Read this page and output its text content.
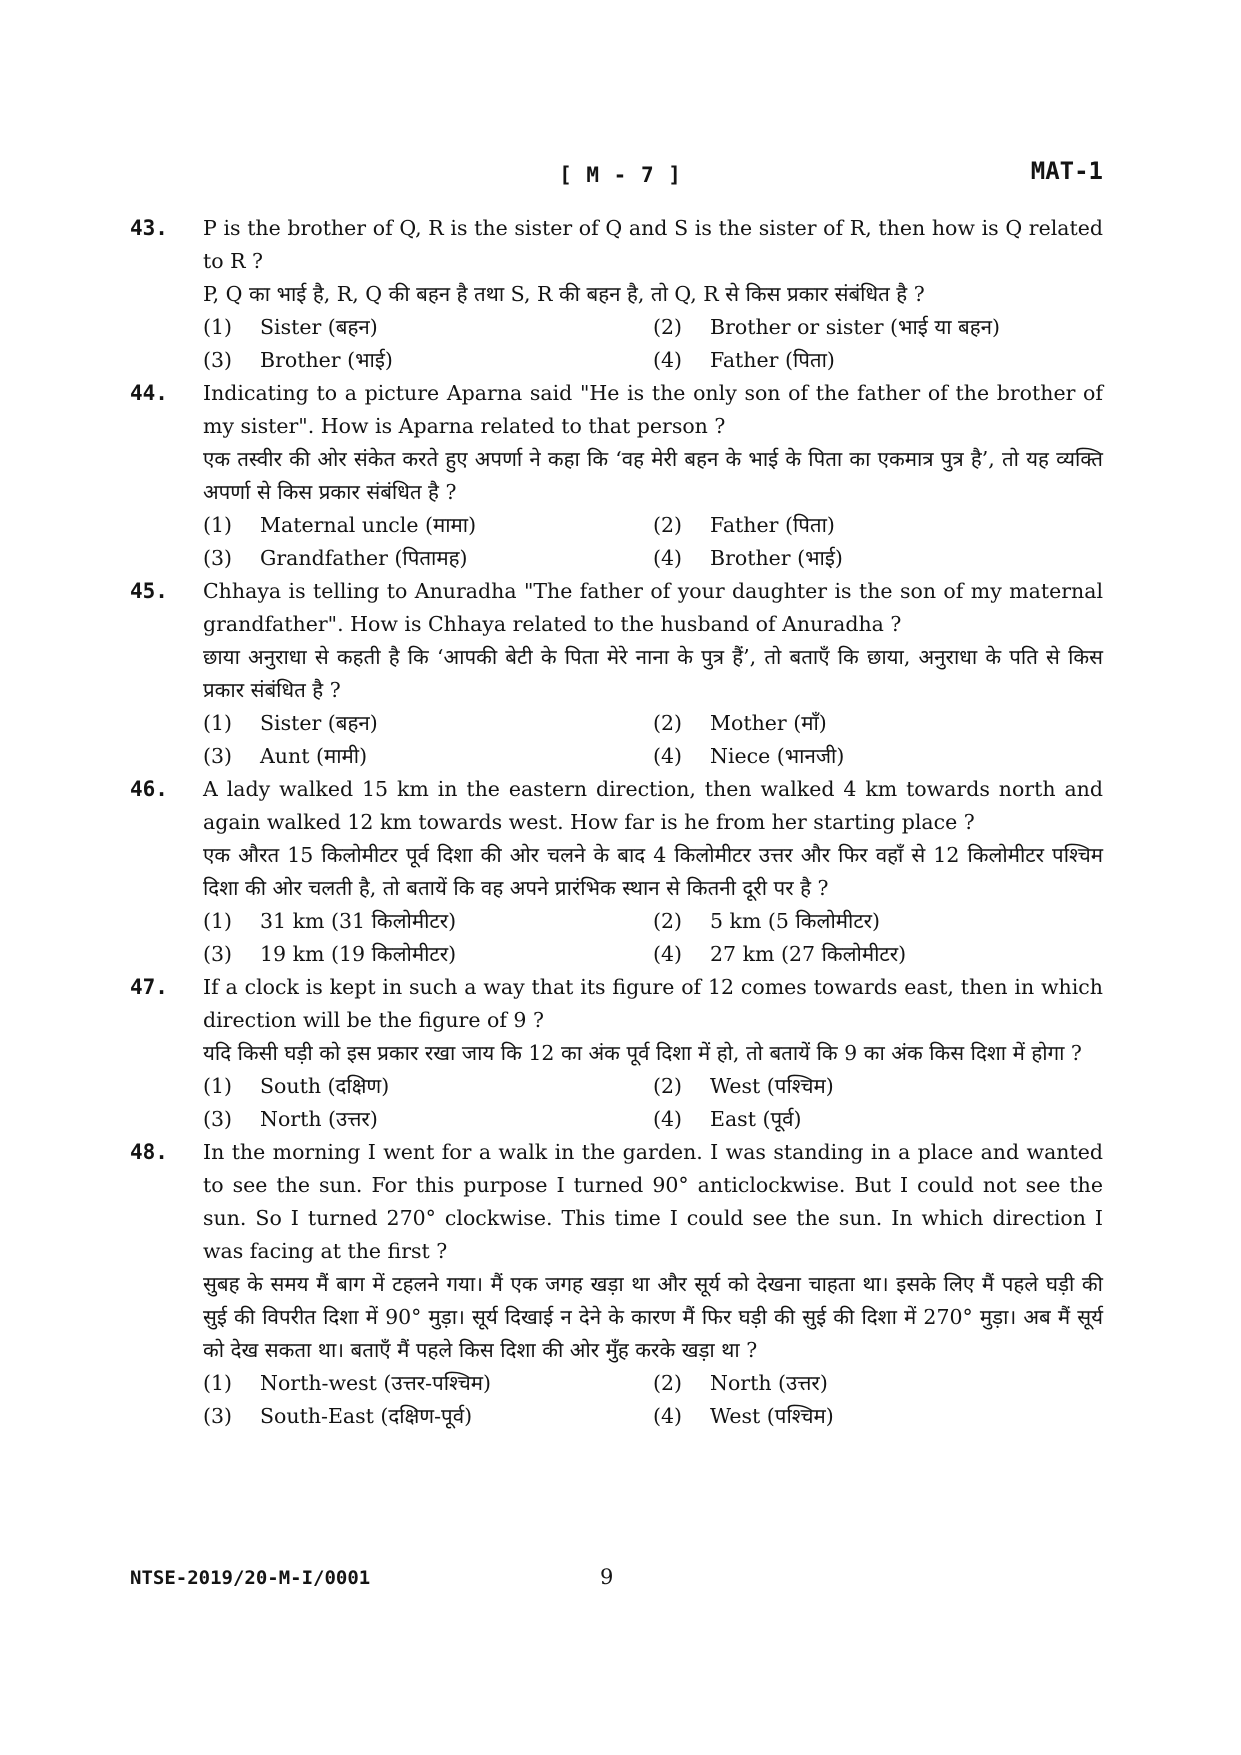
[ M - 7 ]	MAT-1
43. P is the brother of Q, R is the sister of Q and S is the sister of R, then how is Q related to R ?

P, Q का भाई है, R, Q की बहन है तथा S, R की बहन है, तो Q, R से किस प्रकार संबंधित है ?

(1)	Sister (बहन)	(2)	Brother or sister (भाई या बहन)
(3)	Brother (भाई)	(4)	Father (पिता)
44. Indicating to a picture Aparna said "He is the only son of the father of the brother of my sister". How is Aparna related to that person ?

एक तस्वीर की ओर संकेत करते हुए अपर्णा ने कहा कि ‘वह मेरी बहन के भाई के पिता का एकमात्र पुत्र है’, तो यह व्यक्ति अपर्णा से किस प्रकार संबंधित है ?

(1)	Maternal uncle (मामा)	(2)	Father (पिता)
(3)	Grandfather (पितामह)	(4)	Brother (भाई)
45. Chhaya is telling to Anuradha "The father of your daughter is the son of my maternal grandfather". How is Chhaya related to the husband of Anuradha ?

छाया अनुराधा से कहती है कि ‘आपकी बेटी के पिता मेरे नाना के पुत्र हैं’, तो बताएँ कि छाया, अनुराधा के पति से किस प्रकार संबंधित है ?

(1)	Sister (बहन)	(2)	Mother (माँ)
(3)	Aunt (मामी)	(4)	Niece (भानजी)
46. A lady walked 15 km in the eastern direction, then walked 4 km towards north and again walked 12 km towards west. How far is he from her starting place ?

एक औरत 15 किलोमीटर पूर्व दिशा की ओर चलने के बाद 4 किलोमीटर उत्तर और फिर वहाँ से 12 किलोमीटर पश्चिम दिशा की ओर चलती है, तो बतायें कि वह अपने प्रारंभिक स्थान से कितनी दूरी पर है ?

(1)	31 km (31 किलोमीटर)	(2)	5 km (5 किलोमीटर)
(3)	19 km (19 किलोमीटर)	(4)	27 km (27 किलोमीटर)
47. If a clock is kept in such a way that its figure of 12 comes towards east, then in which direction will be the figure of 9 ?

यदि किसी घड़ी को इस प्रकार रखा जाय कि 12 का अंक पूर्व दिशा में हो, तो बतायें कि 9 का अंक किस दिशा में होगा ?

(1)	South (दक्षिण)	(2)	West (पश्चिम)
(3)	North (उत्तर)	(4)	East (पूर्व)
48. In the morning I went for a walk in the garden. I was standing in a place and wanted to see the sun. For this purpose I turned 90° anticlockwise. But I could not see the sun. So I turned 270° clockwise. This time I could see the sun. In which direction I was facing at the first ?

सुबह के समय मैं बाग में टहलने गया। मैं एक जगह खड़ा था और सूर्य को देखना चाहता था। इसके लिए मैं पहले घड़ी की सुई की विपरीत दिशा में 90° मुड़ा। सूर्य दिखाई न देने के कारण मैं फिर घड़ी की सुई की दिशा में 270° मुड़ा। अब मैं सूर्य को देख सकता था। बताएँ मैं पहले किस दिशा की ओर मुँह करके खड़ा था ?

(1)	North-west (उत्तर-पश्चिम)	(2)	North (उत्तर)
(3)	South-East (दक्षिण-पूर्व)	(4)	West (पश्चिम)
NTSE-2019/20-M-I/0001	9
